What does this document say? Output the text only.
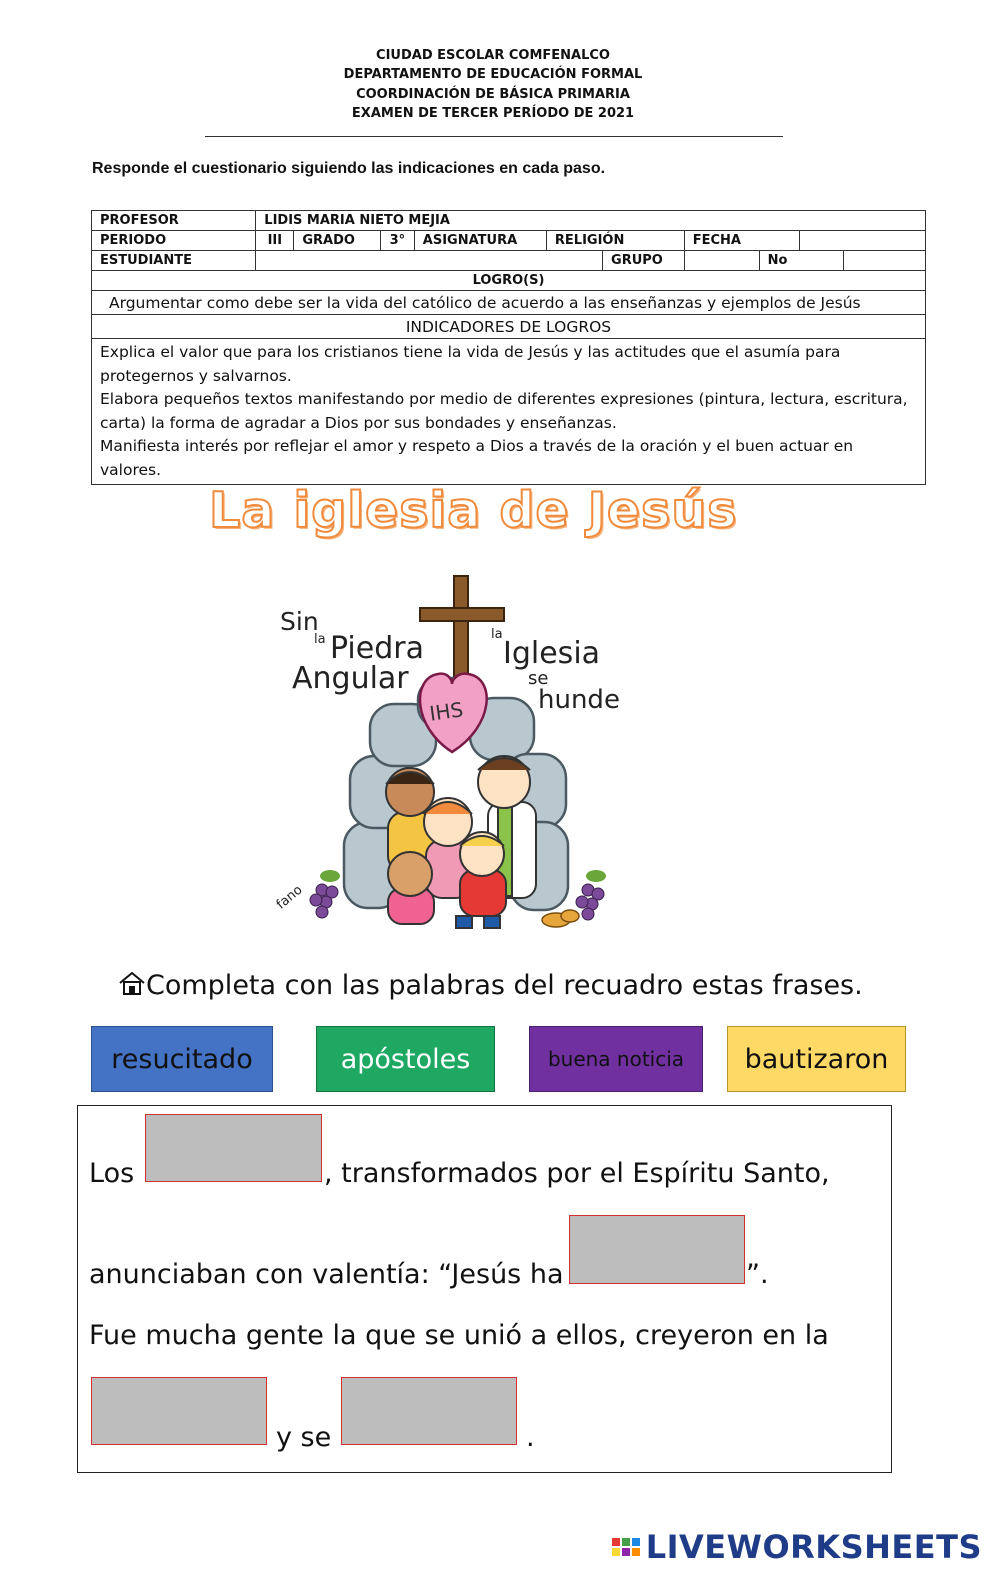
CIUDAD ESCOLAR COMFENALCO
DEPARTAMENTO DE EDUCACIÓN FORMAL
COORDINACIÓN DE BÁSICA PRIMARIA
EXAMEN DE TERCER PERÍODO DE 2021
Responde el cuestionario siguiendo las indicaciones en cada paso.
PROFESOR	LIDIS MARIA NIETO MEJIA									
PERIODO	III	GRADO	3°	ASIGNATURA	RELIGIÓN		FECHA			
ESTUDIANTE						GRUPO		No		
LOGRO(S)										
Argumentar como debe ser la vida del católico de acuerdo a las enseñanzas y ejemplos de Jesús										
INDICADORES DE LOGROS										

Explica el valor que para los cristianos tiene la vida de Jesús y las actitudes que el asumía para protegernos y salvarnos.
Elabora pequeños textos manifestando por medio de diferentes expresiones (pintura, lectura, escritura, carta) la forma de agradar a Dios por sus bondades y enseñanzas.
Manifiesta interés por reflejar el amor y respeto a Dios a través de la oración y el buen actuar en valores.										
La iglesia de Jesús
IHS
Sin
la Piedra
Angular
la
Iglesia
se
hunde
fano
Completa con las palabras del recuadro estas frases.
resucitado	apóstoles	buena noticia	bautizaron
Los	, transformados por el Espíritu Santo,
anunciaban con valentía: “Jesús ha	”.
Fue mucha gente la que se unió a ellos, creyeron en la
y se	.
LIVEWORKSHEETS
